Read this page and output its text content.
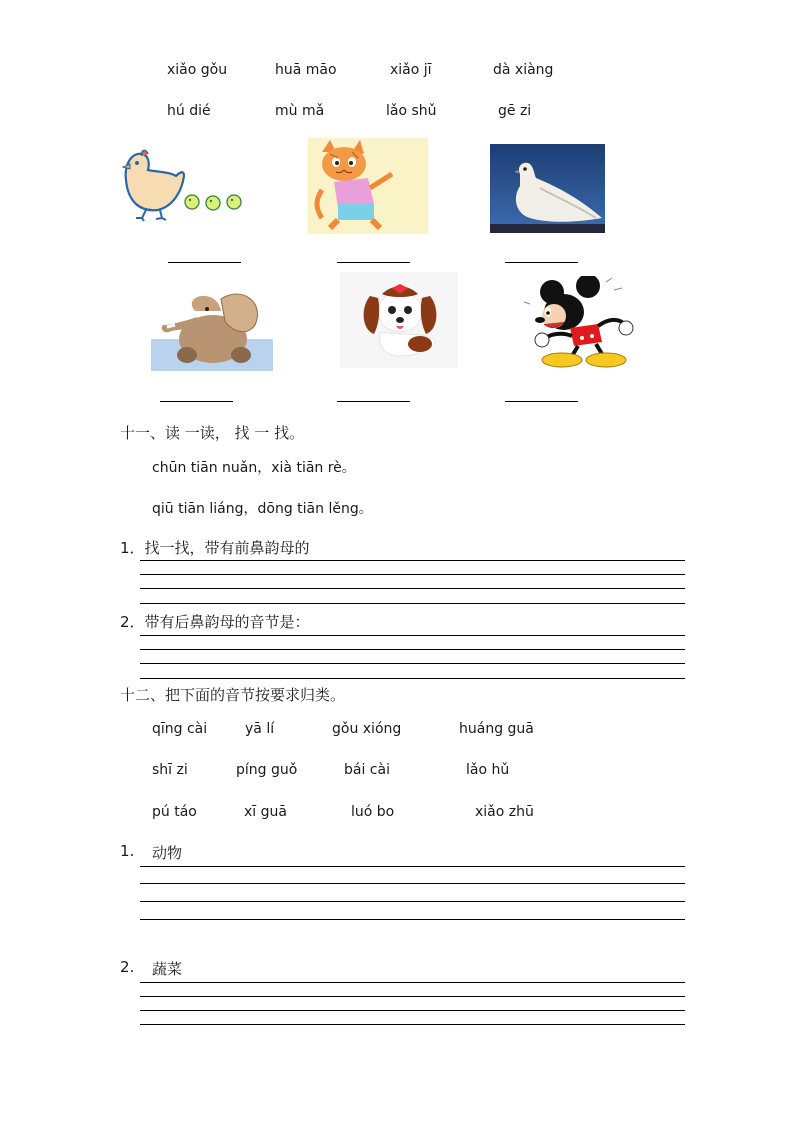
xiǎo gǒu	huā māo	xiǎo jī	dà xiàng
hú dié	mù mǎ	lǎo shǔ	gē zi
十一、读 一读， 找 一 找。
chūn tiān nuǎn，xià tiān rè。
qiū tiān liáng，dōng tiān lěng。
1．找一找，带有前鼻韵母的
2．带有后鼻韵母的音节是：
十二、把下面的音节按要求归类。
qīng cài	yā lí	gǒu xióng	huáng guā
shī zi	píng guǒ	bái cài	lǎo hǔ
pú táo	xī guā	luó bo	xiǎo zhū
1. 动物
2. 蔬菜
